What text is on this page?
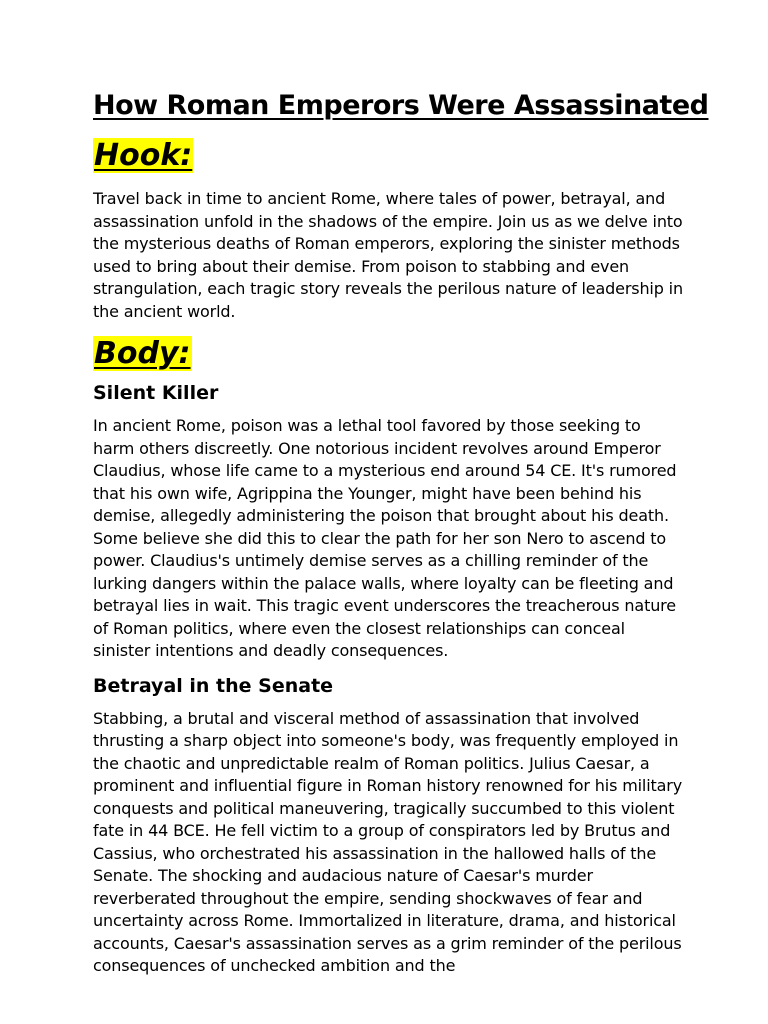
How Roman Emperors Were Assassinated
Hook:

Travel back in time to ancient Rome, where tales of power, betrayal, and assassination unfold in the shadows of the empire. Join us as we delve into the mysterious deaths of Roman emperors, exploring the sinister methods used to bring about their demise. From poison to stabbing and even strangulation, each tragic story reveals the perilous nature of leadership in the ancient world.

Body:
Silent Killer

In ancient Rome, poison was a lethal tool favored by those seeking to harm others discreetly. One notorious incident revolves around Emperor Claudius, whose life came to a mysterious end around 54 CE. It's rumored that his own wife, Agrippina the Younger, might have been behind his demise, allegedly administering the poison that brought about his death. Some believe she did this to clear the path for her son Nero to ascend to power. Claudius's untimely demise serves as a chilling reminder of the lurking dangers within the palace walls, where loyalty can be fleeting and betrayal lies in wait. This tragic event underscores the treacherous nature of Roman politics, where even the closest relationships can conceal sinister intentions and deadly consequences.

Betrayal in the Senate

Stabbing, a brutal and visceral method of assassination that involved thrusting a sharp object into someone's body, was frequently employed in the chaotic and unpredictable realm of Roman politics. Julius Caesar, a prominent and influential figure in Roman history renowned for his military conquests and political maneuvering, tragically succumbed to this violent fate in 44 BCE. He fell victim to a group of conspirators led by Brutus and Cassius, who orchestrated his assassination in the hallowed halls of the Senate. The shocking and audacious nature of Caesar's murder reverberated throughout the empire, sending shockwaves of fear and uncertainty across Rome. Immortalized in literature, drama, and historical accounts, Caesar's assassination serves as a grim reminder of the perilous consequences of unchecked ambition and the
